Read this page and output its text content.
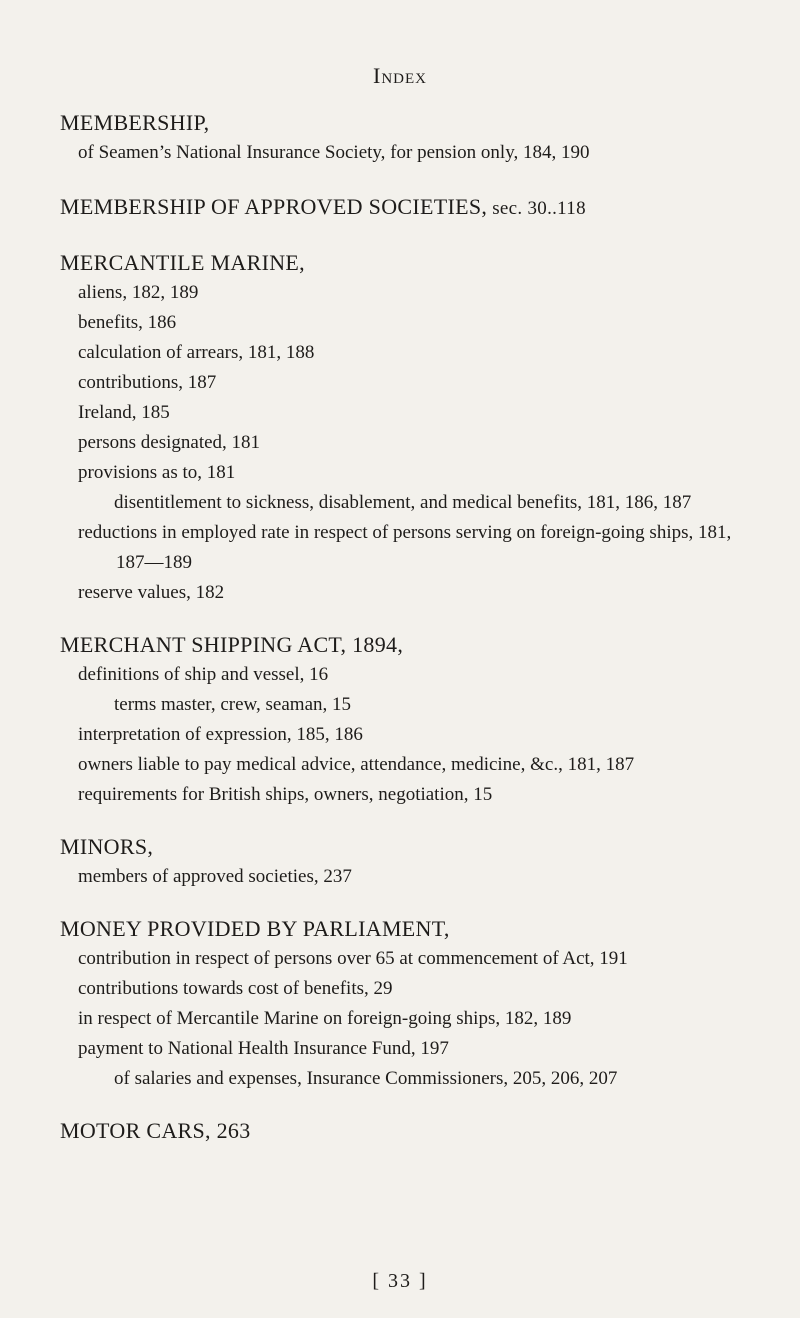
Index

MEMBERSHIP,

of Seamen’s National Insurance Society, for pension only, 184, 190

MEMBERSHIP OF APPROVED SOCIETIES, sec. 30..118

MERCANTILE MARINE,

aliens, 182, 189

benefits, 186

calculation of arrears, 181, 188

contributions, 187

Ireland, 185

persons designated, 181

provisions as to, 181

disentitlement to sickness, disablement, and medical benefits, 181, 186, 187

reductions in employed rate in respect of persons serving on foreign-going ships, 181, 187—189

reserve values, 182

MERCHANT SHIPPING ACT, 1894,

definitions of ship and vessel, 16

terms master, crew, seaman, 15

interpretation of expression, 185, 186

owners liable to pay medical advice, attendance, medicine, &c., 181, 187

requirements for British ships, owners, negotiation, 15

MINORS,

members of approved societies, 237

MONEY PROVIDED BY PARLIAMENT,

contribution in respect of persons over 65 at commencement of Act, 191

contributions towards cost of benefits, 29

in respect of Mercantile Marine on foreign-going ships, 182, 189

payment to National Health Insurance Fund, 197

of salaries and expenses, Insurance Commissioners, 205, 206, 207

MOTOR CARS, 263

[ 33 ]
